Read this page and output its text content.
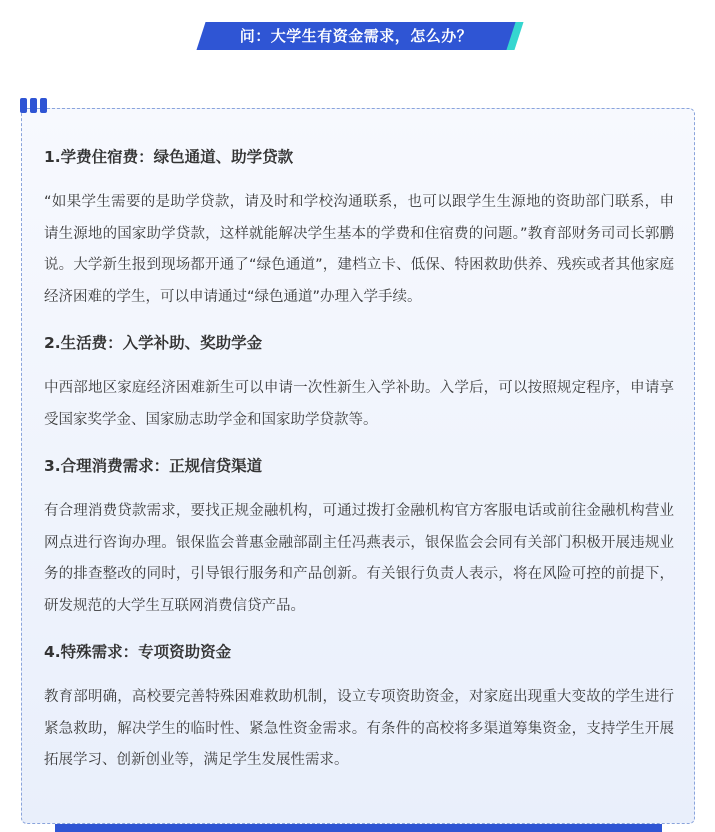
问：大学生有资金需求，怎么办？
1.学费住宿费：绿色通道、助学贷款
“如果学生需要的是助学贷款，请及时和学校沟通联系，也可以跟学生生源地的资助部门联系，申请生源地的国家助学贷款，这样就能解决学生基本的学费和住宿费的问题。”教育部财务司司长郭鹏说。大学新生报到现场都开通了“绿色通道”，建档立卡、低保、特困救助供养、残疾或者其他家庭经济困难的学生，可以申请通过“绿色通道”办理入学手续。
2.生活费：入学补助、奖助学金
中西部地区家庭经济困难新生可以申请一次性新生入学补助。入学后，可以按照规定程序，申请享受国家奖学金、国家励志助学金和国家助学贷款等。
3.合理消费需求：正规信贷渠道
有合理消费贷款需求，要找正规金融机构，可通过拨打金融机构官方客服电话或前往金融机构营业网点进行咨询办理。银保监会普惠金融部副主任冯燕表示，银保监会会同有关部门积极开展违规业务的排查整改的同时，引导银行服务和产品创新。有关银行负责人表示，将在风险可控的前提下，研发规范的大学生互联网消费信贷产品。
4.特殊需求：专项资助资金
教育部明确，高校要完善特殊困难救助机制，设立专项资助资金，对家庭出现重大变故的学生进行紧急救助，解决学生的临时性、紧急性资金需求。有条件的高校将多渠道筹集资金，支持学生开展拓展学习、创新创业等，满足学生发展性需求。
